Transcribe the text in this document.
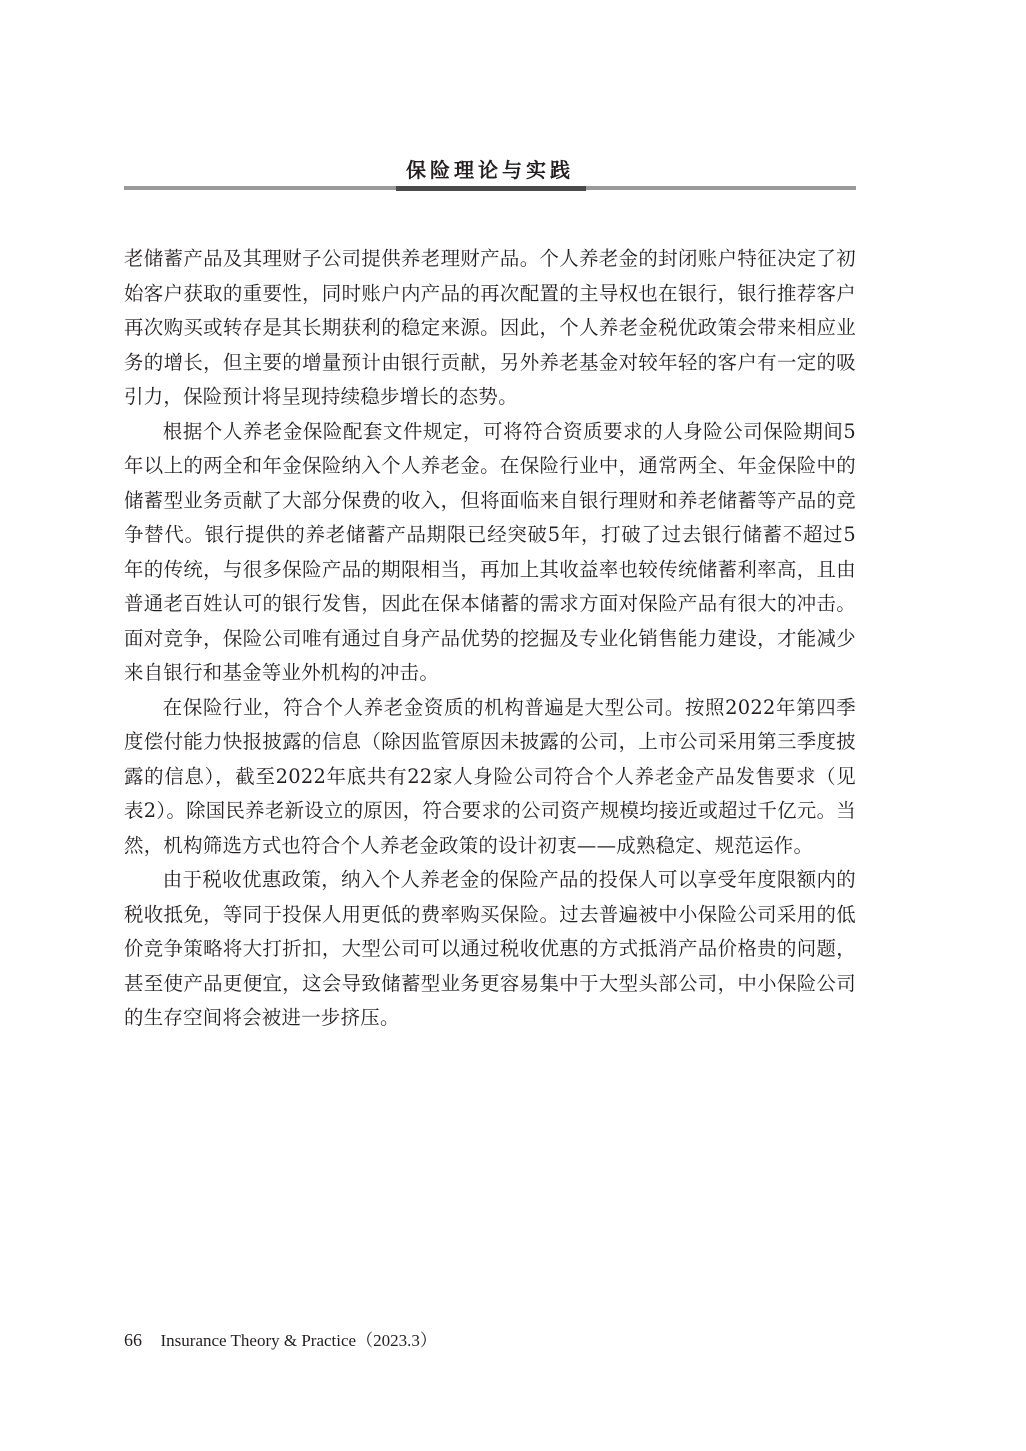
保险理论与实践

老储蓄产品及其理财子公司提供养老理财产品。个人养老金的封闭账户特征决定了初始客户获取的重要性，同时账户内产品的再次配置的主导权也在银行，银行推荐客户再次购买或转存是其长期获利的稳定来源。因此，个人养老金税优政策会带来相应业务的增长，但主要的增量预计由银行贡献，另外养老基金对较年轻的客户有一定的吸引力，保险预计将呈现持续稳步增长的态势。

根据个人养老金保险配套文件规定，可将符合资质要求的人身险公司保险期间5年以上的两全和年金保险纳入个人养老金。在保险行业中，通常两全、年金保险中的储蓄型业务贡献了大部分保费的收入，但将面临来自银行理财和养老储蓄等产品的竞争替代。银行提供的养老储蓄产品期限已经突破5年，打破了过去银行储蓄不超过5年的传统，与很多保险产品的期限相当，再加上其收益率也较传统储蓄利率高，且由普通老百姓认可的银行发售，因此在保本储蓄的需求方面对保险产品有很大的冲击。面对竞争，保险公司唯有通过自身产品优势的挖掘及专业化销售能力建设，才能减少来自银行和基金等业外机构的冲击。

在保险行业，符合个人养老金资质的机构普遍是大型公司。按照2022年第四季度偿付能力快报披露的信息（除因监管原因未披露的公司，上市公司采用第三季度披露的信息），截至2022年底共有22家人身险公司符合个人养老金产品发售要求（见表2）。除国民养老新设立的原因，符合要求的公司资产规模均接近或超过千亿元。当然，机构筛选方式也符合个人养老金政策的设计初衷——成熟稳定、规范运作。

由于税收优惠政策，纳入个人养老金的保险产品的投保人可以享受年度限额内的税收抵免，等同于投保人用更低的费率购买保险。过去普遍被中小保险公司采用的低价竞争策略将大打折扣，大型公司可以通过税收优惠的方式抵消产品价格贵的问题，甚至使产品更便宜，这会导致储蓄型业务更容易集中于大型头部公司，中小保险公司的生存空间将会被进一步挤压。

66 Insurance Theory & Practice（2023.3）
